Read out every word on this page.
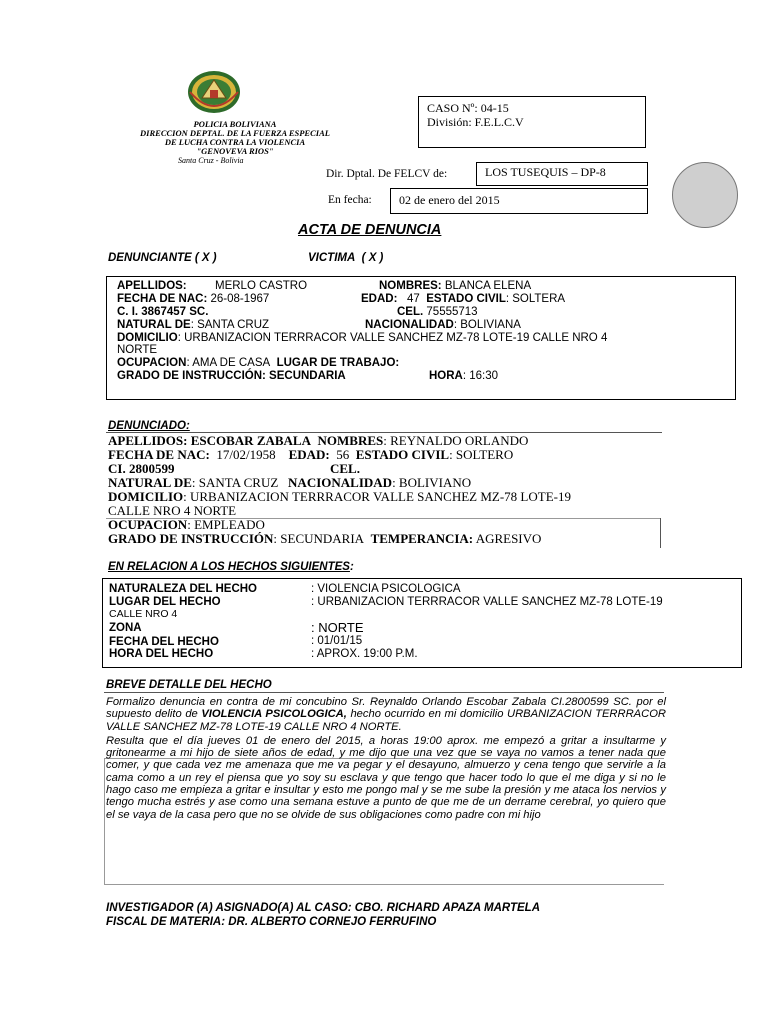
POLICIA BOLIVIANA
DIRECCION DEPTAL. DE LA FUERZA ESPECIAL
DE LUCHA CONTRA LA VIOLENCIA
"GENOVEVA RIOS"
Santa Cruz - Bolivia
CASO Nº: 04-15
División: F.E.L.C.V
Dir. Dptal. De FELCV de:	LOS TUSEQUIS – DP-8
En fecha:	02 de enero del 2015
ACTA DE DENUNCIA
DENUNCIANTE ( X )	VICTIMA ( X )
APELLIDOS: MERLO CASTRO	NOMBRES: BLANCA ELENA
FECHA DE NAC: 26-08-1967	EDAD: 47 ESTADO CIVIL: SOLTERA
C. I. 3867457 SC.	CEL. 75555713
NATURAL DE: SANTA CRUZ	NACIONALIDAD: BOLIVIANA
DOMICILIO: URBANIZACION TERRRACOR VALLE SANCHEZ MZ-78 LOTE-19 CALLE NRO 4
NORTE
OCUPACION: AMA DE CASA LUGAR DE TRABAJO:
GRADO DE INSTRUCCIÓN: SECUNDARIA	HORA: 16:30
DENUNCIADO:
APELLIDOS: ESCOBAR ZABALA NOMBRES: REYNALDO ORLANDO
FECHA DE NAC: 17/02/1958 EDAD: 56 ESTADO CIVIL: SOLTERO
CI. 2800599	CEL.
NATURAL DE: SANTA CRUZ NACIONALIDAD: BOLIVIANO
DOMICILIO: URBANIZACION TERRRACOR VALLE SANCHEZ MZ-78 LOTE-19
CALLE NRO 4 NORTE
OCUPACION: EMPLEADO
GRADO DE INSTRUCCIÓN: SECUNDARIA TEMPERANCIA: AGRESIVO
EN RELACION A LOS HECHOS SIGUIENTES:
NATURALEZA DEL HECHO	: VIOLENCIA PSICOLOGICA
LUGAR DEL HECHO	: URBANIZACION TERRRACOR VALLE SANCHEZ MZ-78 LOTE-19
CALLE NRO 4
ZONA	: NORTE
FECHA DEL HECHO	: 01/01/15
HORA DEL HECHO	: APROX. 19:00 P.M.
BREVE DETALLE DEL HECHO

Formalizo denuncia en contra de mi concubino Sr. Reynaldo Orlando Escobar Zabala CI.2800599 SC. por el supuesto delito de VIOLENCIA PSICOLOGICA, hecho ocurrido en mi domicilio URBANIZACION TERRRACOR VALLE SANCHEZ MZ-78 LOTE-19 CALLE NRO 4 NORTE.

Resulta que el día jueves 01 de enero del 2015, a horas 19:00 aprox. me empezó a gritar a insultarme y gritonearme a mi hijo de siete años de edad, y me dijo que una vez que se vaya no vamos a tener nada que comer, y que cada vez me amenaza que me va pegar y el desayuno, almuerzo y cena tengo que servirle a la cama como a un rey el piensa que yo soy su esclava y que tengo que hacer todo lo que el me diga y si no le hago caso me empieza a gritar e insultar y esto me pongo mal y se me sube la presión y me ataca los nervios y tengo mucha estrés y ase como una semana estuve a punto de que me de un derrame cerebral, yo quiero que el se vaya de la casa pero que no se olvide de sus obligaciones como padre con mi hijo

INVESTIGADOR (A) ASIGNADO(A) AL CASO: CBO. RICHARD APAZA MARTELA
FISCAL DE MATERIA: DR. ALBERTO CORNEJO FERRUFINO
